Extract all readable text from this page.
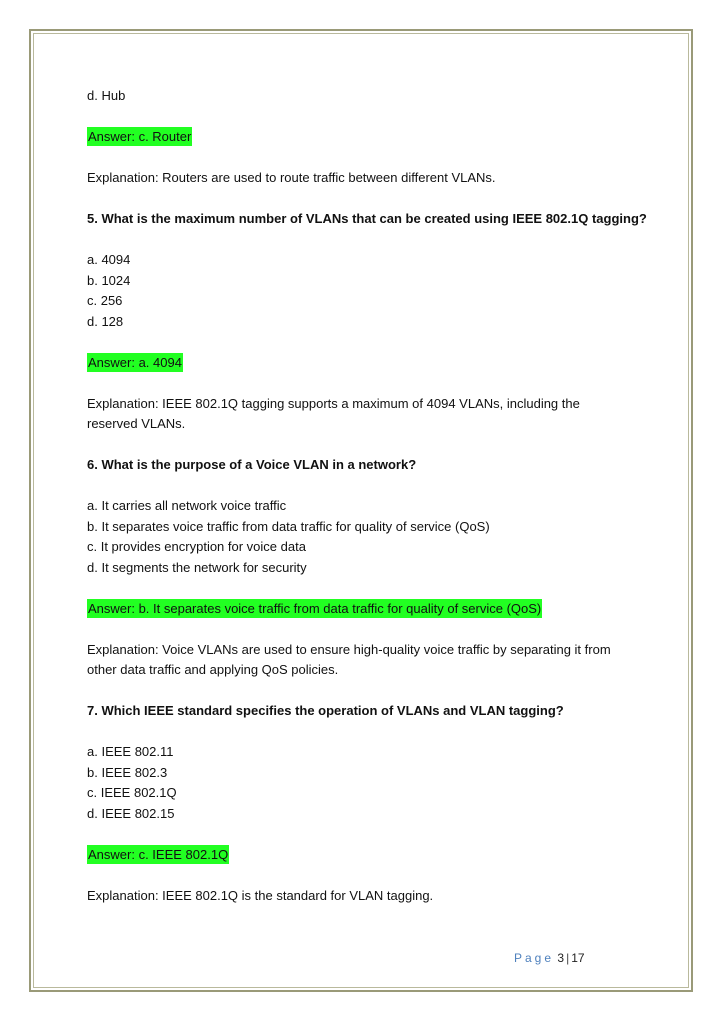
d. Hub
Answer: c. Router
Explanation: Routers are used to route traffic between different VLANs.
5. What is the maximum number of VLANs that can be created using IEEE 802.1Q tagging?
a. 4094
b. 1024
c. 256
d. 128
Answer: a. 4094
Explanation: IEEE 802.1Q tagging supports a maximum of 4094 VLANs, including the
reserved VLANs.
6. What is the purpose of a Voice VLAN in a network?
a. It carries all network voice traffic
b. It separates voice traffic from data traffic for quality of service (QoS)
c. It provides encryption for voice data
d. It segments the network for security
Answer: b. It separates voice traffic from data traffic for quality of service (QoS)
Explanation: Voice VLANs are used to ensure high-quality voice traffic by separating it from
other data traffic and applying QoS policies.
7. Which IEEE standard specifies the operation of VLANs and VLAN tagging?
a. IEEE 802.11
b. IEEE 802.3
c. IEEE 802.1Q
d. IEEE 802.15
Answer: c. IEEE 802.1Q
Explanation: IEEE 802.1Q is the standard for VLAN tagging.
Page 3 | 17
